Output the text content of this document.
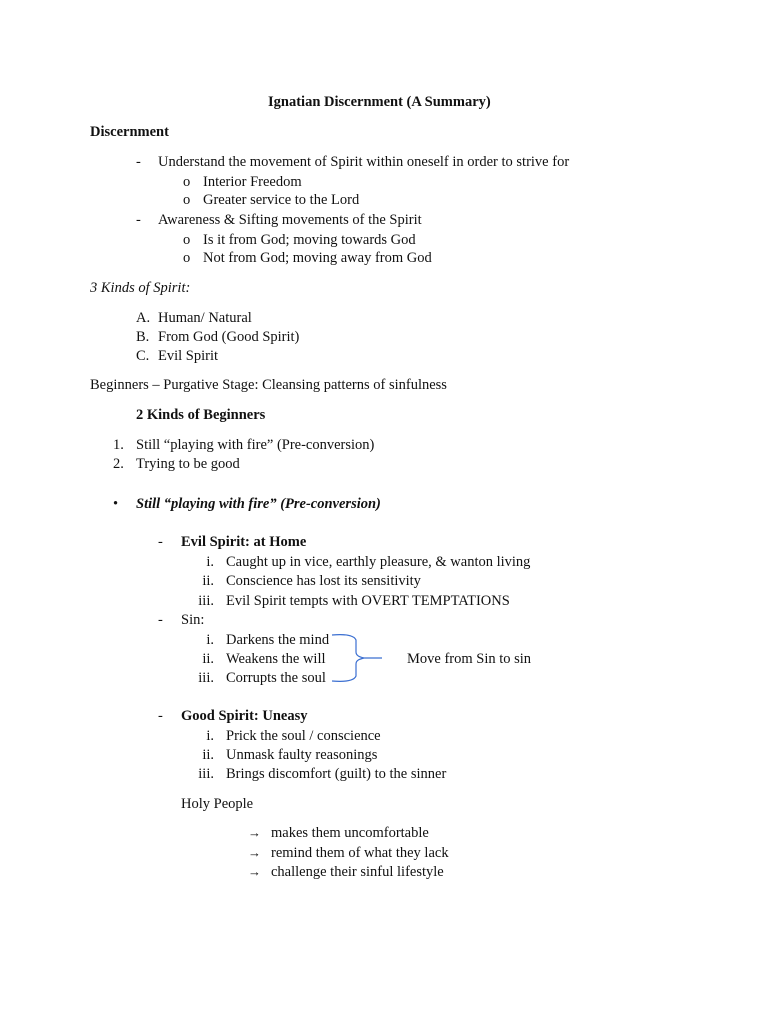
Ignatian Discernment (A Summary)
Discernment
- Understand the movement of Spirit within oneself in order to strive for
o Interior Freedom
o Greater service to the Lord
- Awareness & Sifting movements of the Spirit
o Is it from God; moving towards God
o Not from God; moving away from God
3 Kinds of Spirit:
A. Human/ Natural
B. From God (Good Spirit)
C. Evil Spirit
Beginners – Purgative Stage: Cleansing patterns of sinfulness
2 Kinds of Beginners
1. Still “playing with fire” (Pre-conversion)
2. Trying to be good
• Still “playing with fire” (Pre-conversion)
- Evil Spirit: at Home
i. Caught up in vice, earthly pleasure, & wanton living
ii. Conscience has lost its sensitivity
iii. Evil Spirit tempts with OVERT TEMPTATIONS
- Sin:
i. Darkens the mind
ii. Weakens the will
iii. Corrupts the soul
Move from Sin to sin
- Good Spirit: Uneasy
i. Prick the soul / conscience
ii. Unmask faulty reasonings
iii. Brings discomfort (guilt) to the sinner
Holy People
→ makes them uncomfortable
→ remind them of what they lack
→ challenge their sinful lifestyle
